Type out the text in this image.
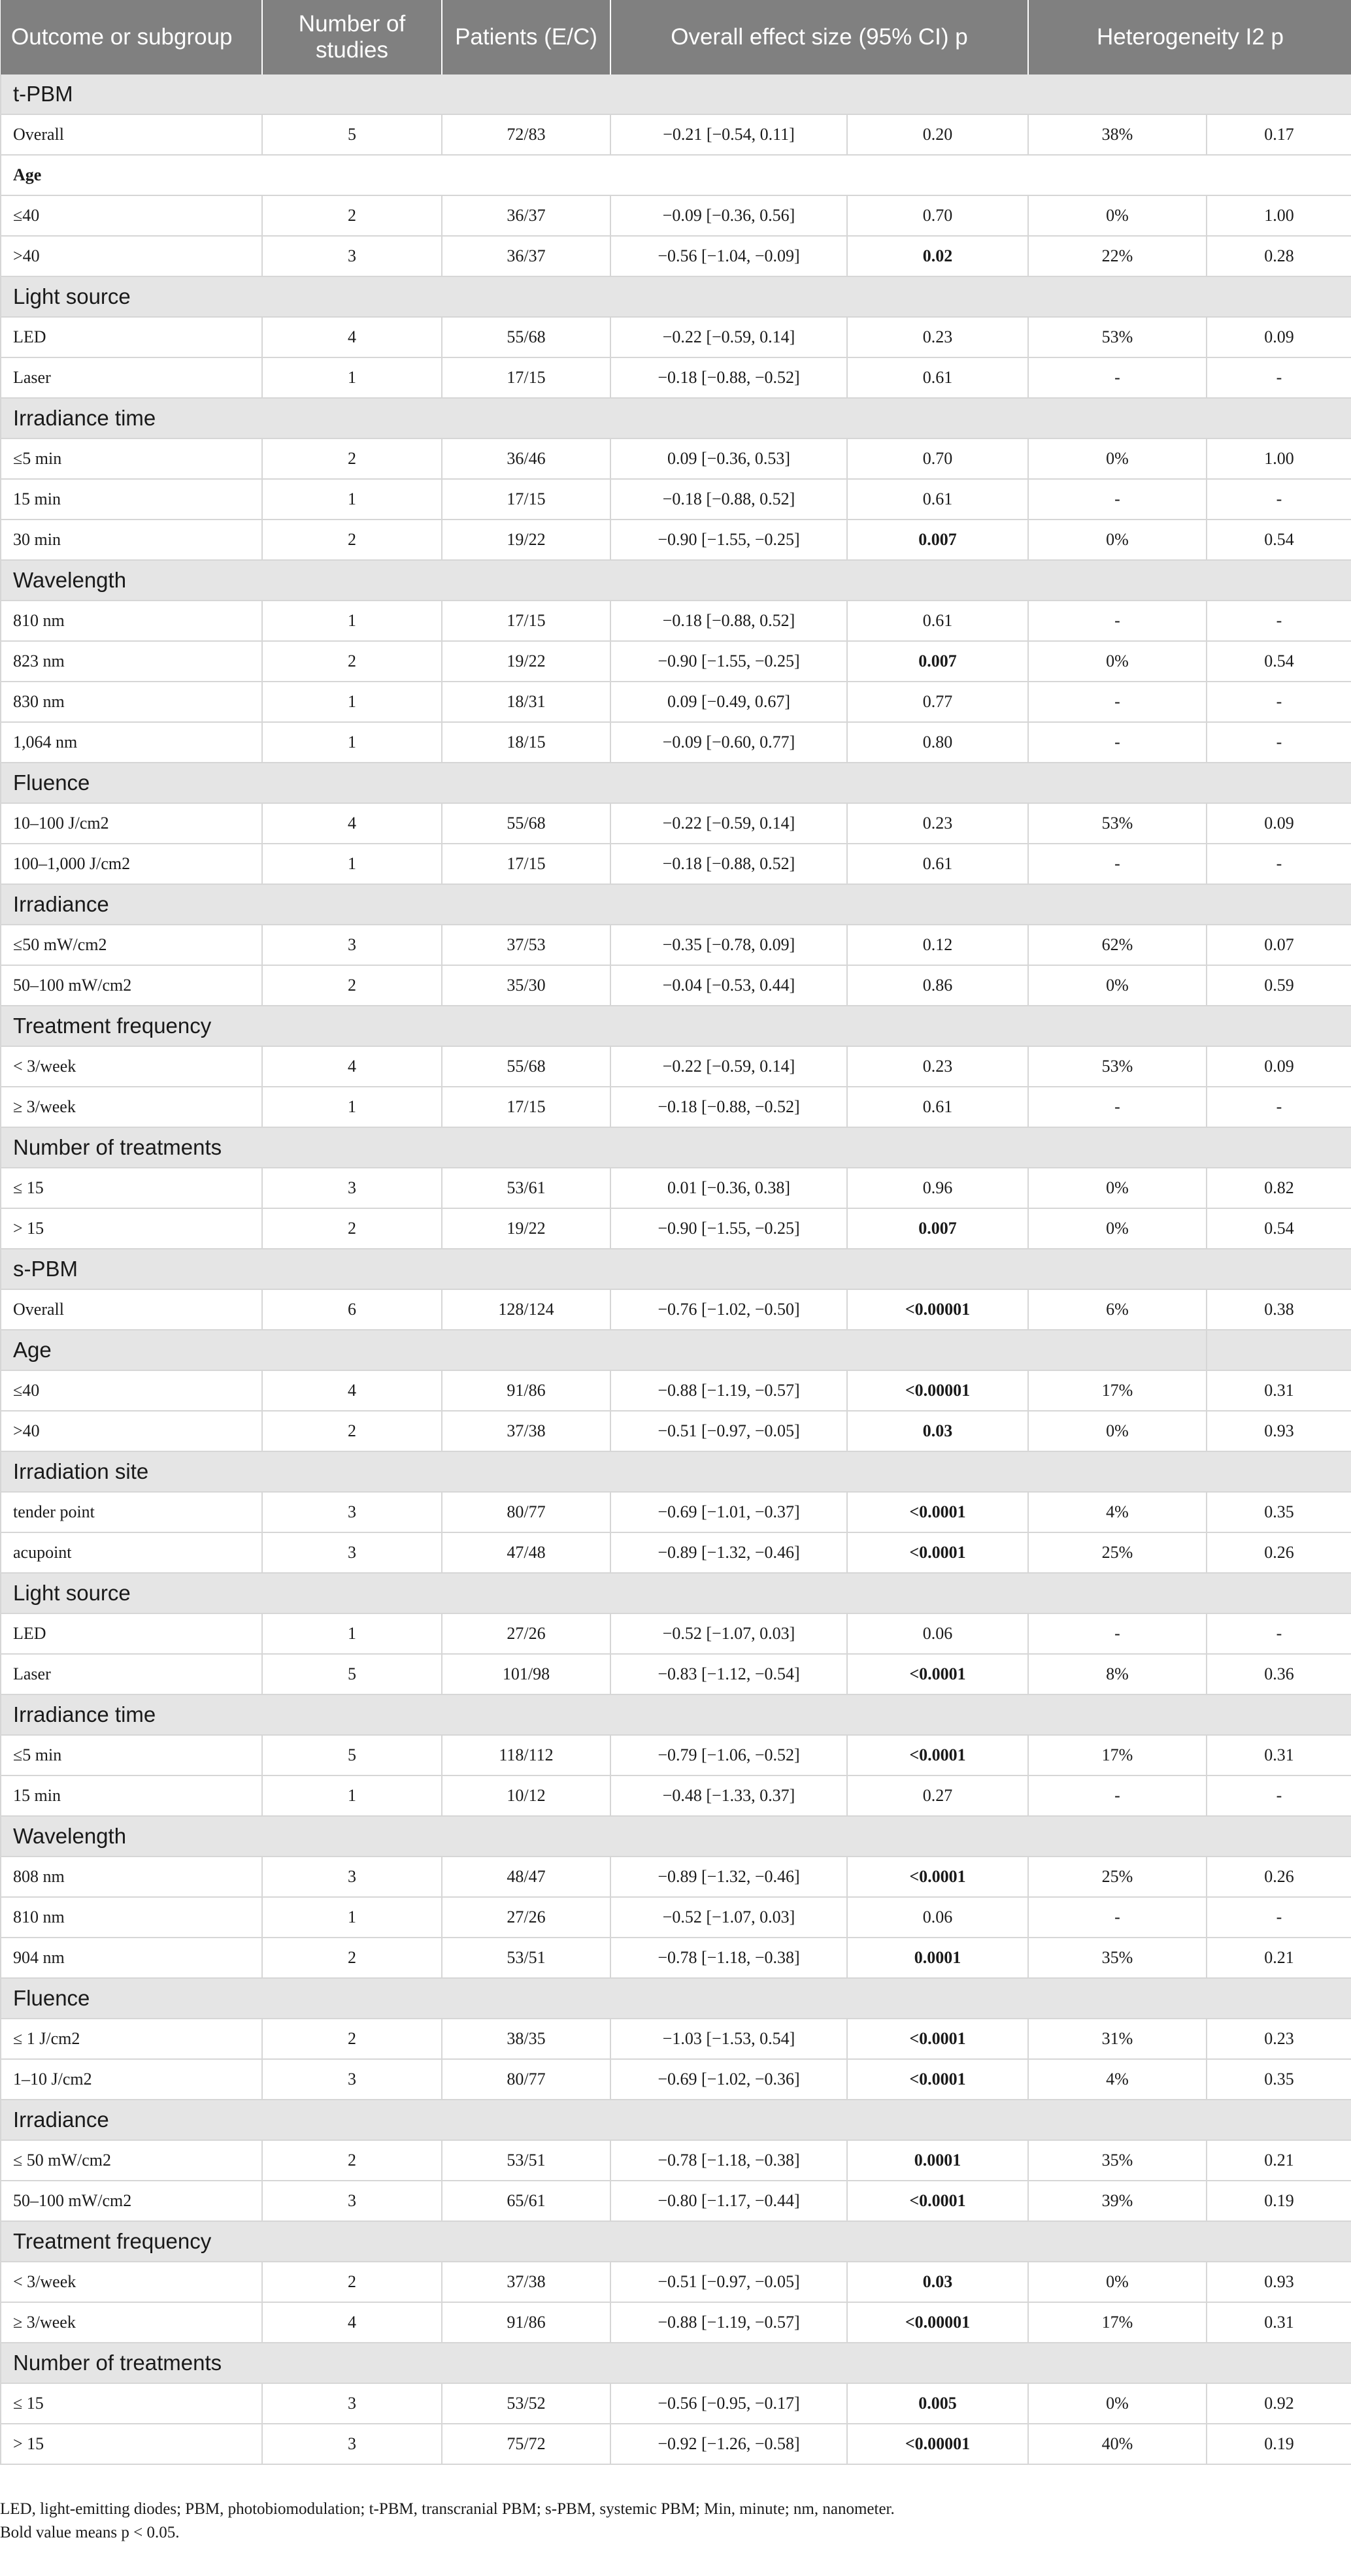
Outcome or subgroup	Number of studies	Patients (E/C)	Overall effect size (95% CI) p		Heterogeneity I2 p	
t-PBM						
Overall	5	72/83	−0.21 [−0.54, 0.11]	0.20	38%	0.17
Age						
≤40	2	36/37	−0.09 [−0.36, 0.56]	0.70	0%	1.00
>40	3	36/37	−0.56 [−1.04, −0.09]	0.02	22%	0.28
Light source						
LED	4	55/68	−0.22 [−0.59, 0.14]	0.23	53%	0.09
Laser	1	17/15	−0.18 [−0.88, −0.52]	0.61	-	-
Irradiance time						
≤5 min	2	36/46	0.09 [−0.36, 0.53]	0.70	0%	1.00
15 min	1	17/15	−0.18 [−0.88, 0.52]	0.61	-	-
30 min	2	19/22	−0.90 [−1.55, −0.25]	0.007	0%	0.54
Wavelength						
810 nm	1	17/15	−0.18 [−0.88, 0.52]	0.61	-	-
823 nm	2	19/22	−0.90 [−1.55, −0.25]	0.007	0%	0.54
830 nm	1	18/31	0.09 [−0.49, 0.67]	0.77	-	-
1,064 nm	1	18/15	−0.09 [−0.60, 0.77]	0.80	-	-
Fluence						
10–100 J/cm2	4	55/68	−0.22 [−0.59, 0.14]	0.23	53%	0.09
100–1,000 J/cm2	1	17/15	−0.18 [−0.88, 0.52]	0.61	-	-
Irradiance						
≤50 mW/cm2	3	37/53	−0.35 [−0.78, 0.09]	0.12	62%	0.07
50–100 mW/cm2	2	35/30	−0.04 [−0.53, 0.44]	0.86	0%	0.59
Treatment frequency						
< 3/week	4	55/68	−0.22 [−0.59, 0.14]	0.23	53%	0.09
≥ 3/week	1	17/15	−0.18 [−0.88, −0.52]	0.61	-	-
Number of treatments						
≤ 15	3	53/61	0.01 [−0.36, 0.38]	0.96	0%	0.82
> 15	2	19/22	−0.90 [−1.55, −0.25]	0.007	0%	0.54
s-PBM						
Overall	6	128/124	−0.76 [−1.02, −0.50]	<0.00001	6%	0.38
Age						
≤40	4	91/86	−0.88 [−1.19, −0.57]	<0.00001	17%	0.31
>40	2	37/38	−0.51 [−0.97, −0.05]	0.03	0%	0.93
Irradiation site						
tender point	3	80/77	−0.69 [−1.01, −0.37]	<0.0001	4%	0.35
acupoint	3	47/48	−0.89 [−1.32, −0.46]	<0.0001	25%	0.26
Light source						
LED	1	27/26	−0.52 [−1.07, 0.03]	0.06	-	-
Laser	5	101/98	−0.83 [−1.12, −0.54]	<0.0001	8%	0.36
Irradiance time						
≤5 min	5	118/112	−0.79 [−1.06, −0.52]	<0.0001	17%	0.31
15 min	1	10/12	−0.48 [−1.33, 0.37]	0.27	-	-
Wavelength						
808 nm	3	48/47	−0.89 [−1.32, −0.46]	<0.0001	25%	0.26
810 nm	1	27/26	−0.52 [−1.07, 0.03]	0.06	-	-
904 nm	2	53/51	−0.78 [−1.18, −0.38]	0.0001	35%	0.21
Fluence						
≤ 1 J/cm2	2	38/35	−1.03 [−1.53, 0.54]	<0.0001	31%	0.23
1–10 J/cm2	3	80/77	−0.69 [−1.02, −0.36]	<0.0001	4%	0.35
Irradiance						
≤ 50 mW/cm2	2	53/51	−0.78 [−1.18, −0.38]	0.0001	35%	0.21
50–100 mW/cm2	3	65/61	−0.80 [−1.17, −0.44]	<0.0001	39%	0.19
Treatment frequency						
< 3/week	2	37/38	−0.51 [−0.97, −0.05]	0.03	0%	0.93
≥ 3/week	4	91/86	−0.88 [−1.19, −0.57]	<0.00001	17%	0.31
Number of treatments						
≤ 15	3	53/52	−0.56 [−0.95, −0.17]	0.005	0%	0.92
> 15	3	75/72	−0.92 [−1.26, −0.58]	<0.00001	40%	0.19
LED, light-emitting diodes; PBM, photobiomodulation; t-PBM, transcranial PBM; s-PBM, systemic PBM; Min, minute; nm, nanometer.
Bold value means p < 0.05.
